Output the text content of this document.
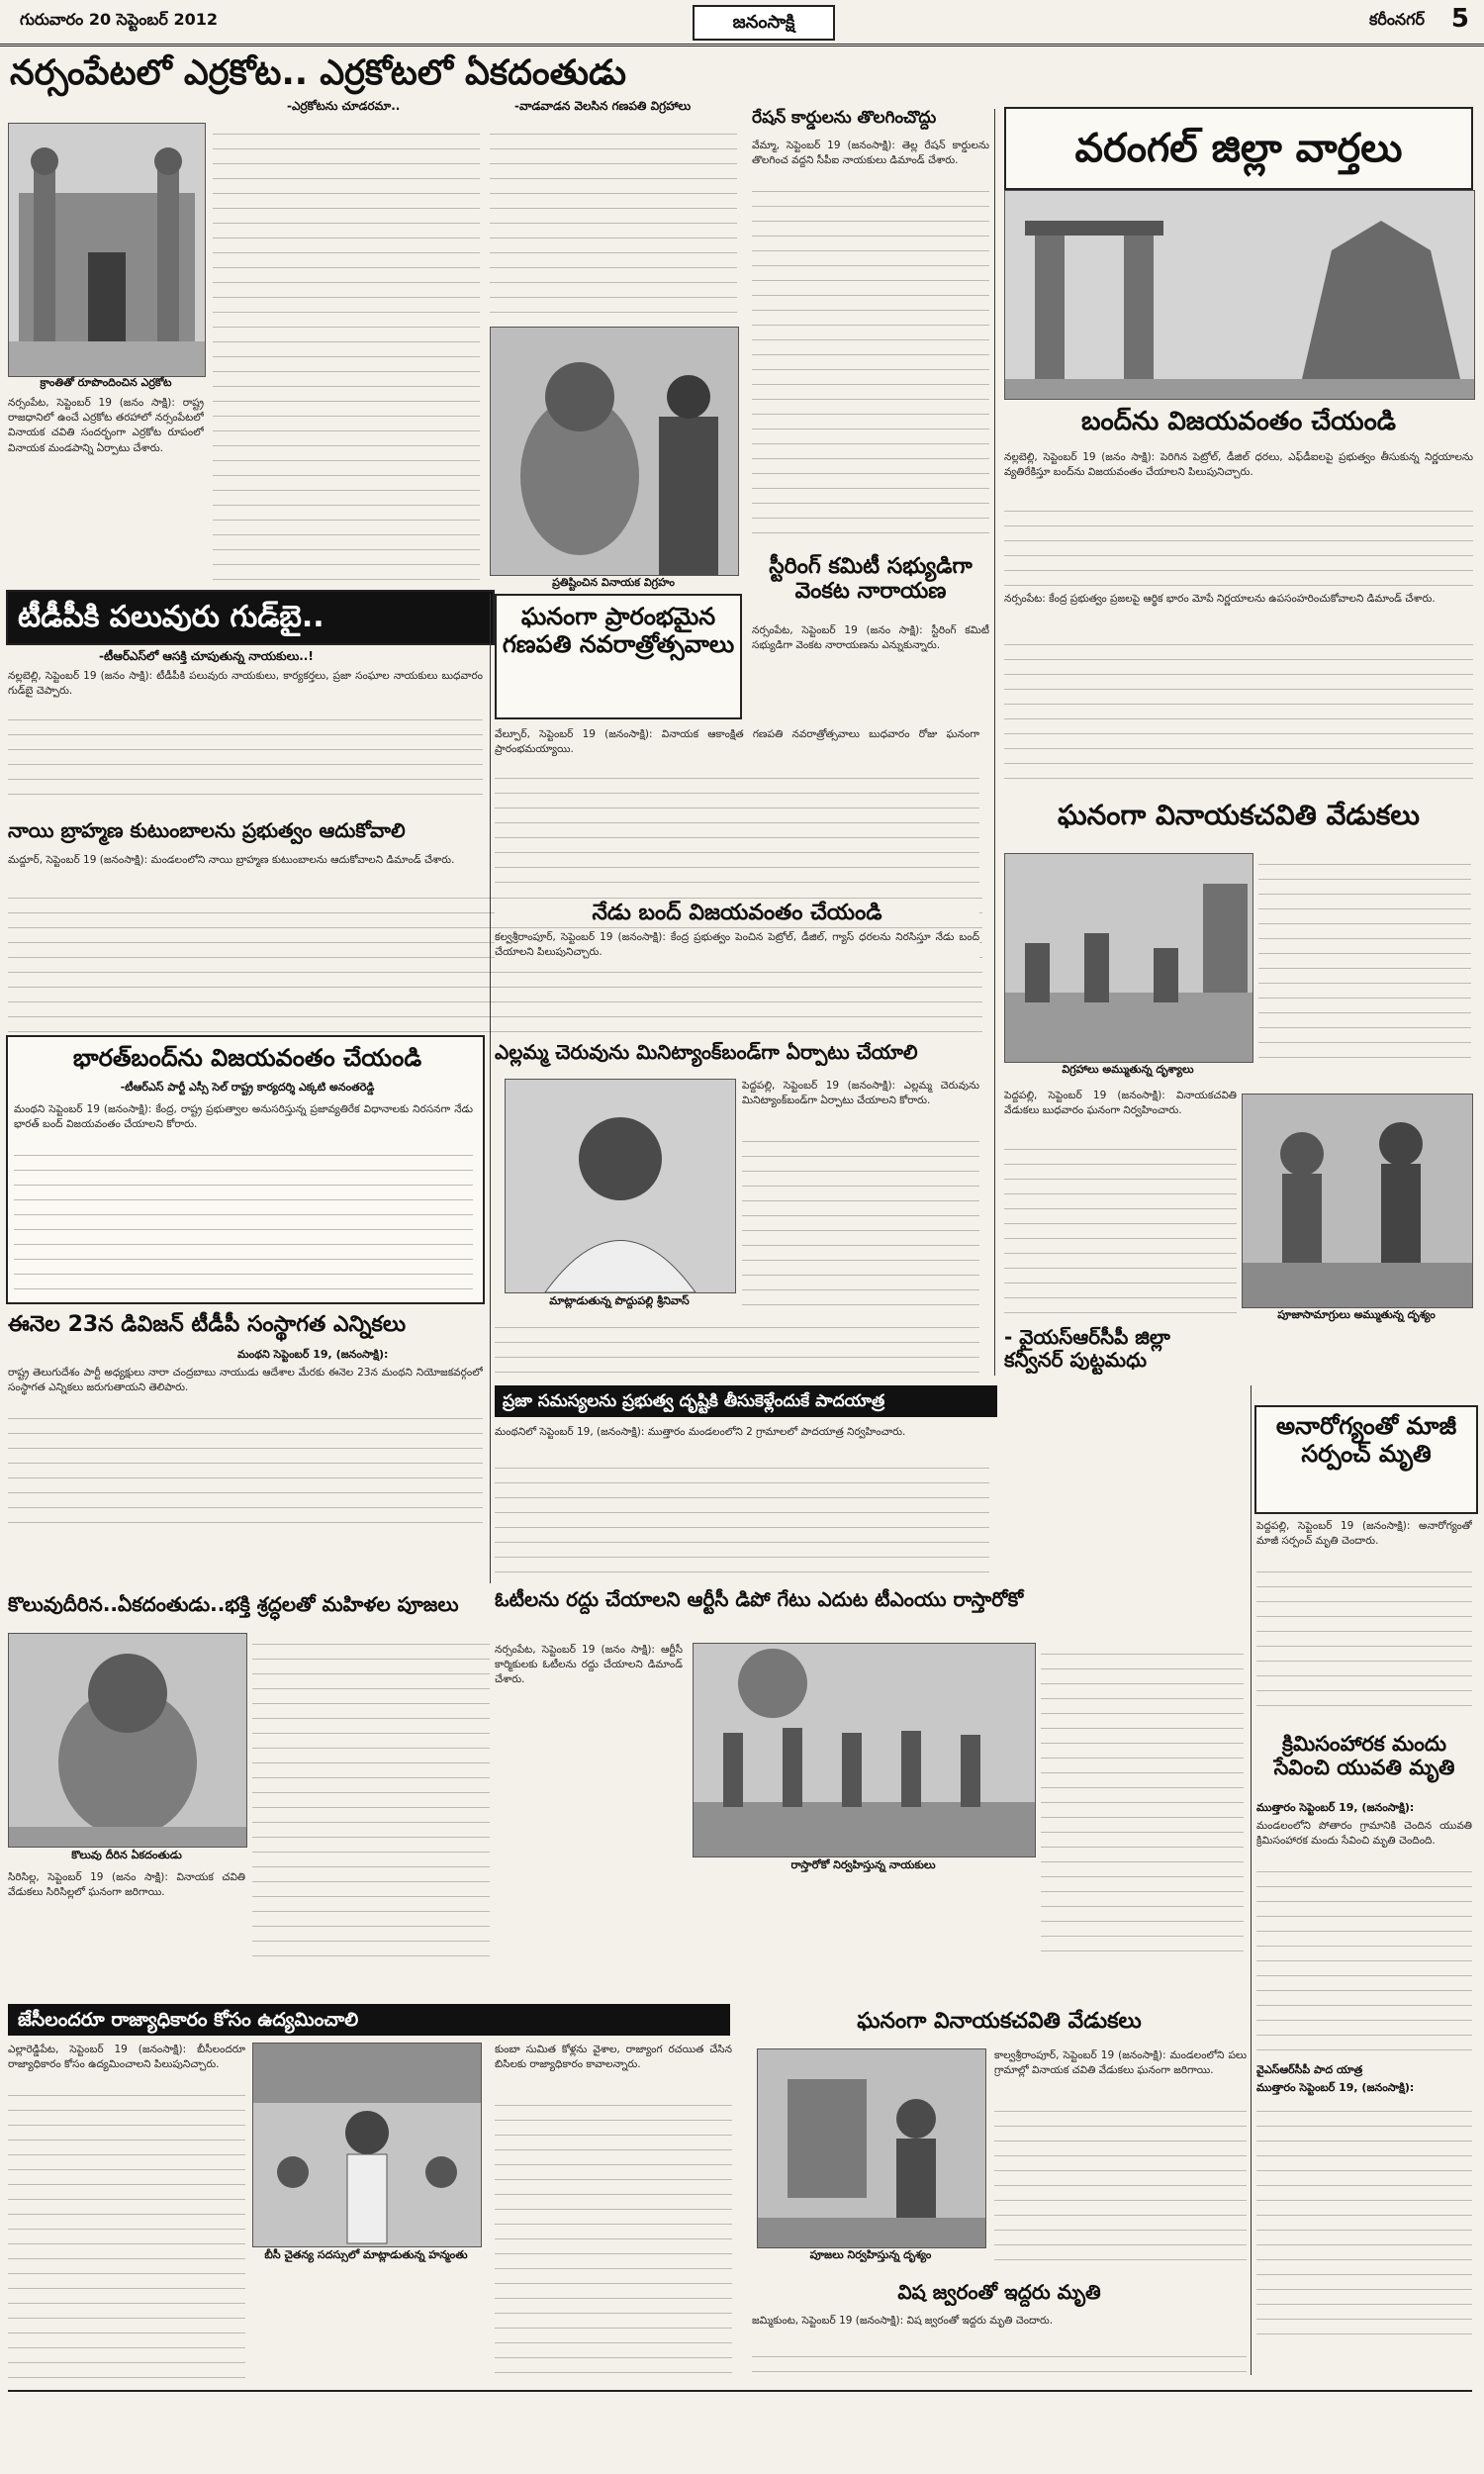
గురువారం 20 సెప్టెంబర్ 2012	జనంసాక్షి	కరీంనగర్ 5
నర్సంపేటలో ఎర్రకోట.. ఎర్రకోటలో ఏకదంతుడు
-ఎర్రకోటను చూడరమా..	-వాడవాడన వెలసిన గణపతి విగ్రహాలు
క్రాంతితో రూపొందించిన ఎర్రకోట
నర్సంపేట, సెప్టెంబర్ 19 (జనం సాక్షి): రాష్ట్ర రాజధానిలో ఉంచే ఎర్రకోట తరహాలో నర్సంపేటలో వినాయక చవితి సందర్భంగా ఎర్రకోట రూపంలో వినాయక మండపాన్ని ఏర్పాటు చేశారు.
ప్రతిష్టించిన వినాయక విగ్రహం
టీడీపీకి పలువురు గుడ్‌బై..
-టీఆర్ఎస్‌లో ఆసక్తి చూపుతున్న నాయకులు..!
నల్లబెల్లి, సెప్టెంబర్ 19 (జనం సాక్షి): టీడీపీకి పలువురు నాయకులు, కార్యకర్తలు, ప్రజా సంఘాల నాయకులు బుధవారం గుడ్‌బై చెప్పారు.
ఘనంగా ప్రారంభమైన గణపతి నవరాత్రోత్సవాలు
వేల్పూర్, సెప్టెంబర్ 19 (జనంసాక్షి): వినాయక ఆకాంక్షిత గణపతి నవరాత్రోత్సవాలు బుధవారం రోజు ఘనంగా ప్రారంభమయ్యాయి.
రేషన్ కార్డులను తొలగించొద్దు
వేమ్మా, సెప్టెంబర్ 19 (జనంసాక్షి): తెల్ల రేషన్ కార్డులను తొలగించ వద్దని సీపీఐ నాయకులు డిమాండ్ చేశారు.
స్టీరింగ్ కమిటీ సభ్యుడిగా వెంకట నారాయణ
నర్సంపేట, సెప్టెంబర్ 19 (జనం సాక్షి): స్టీరింగ్ కమిటీ సభ్యుడిగా వెంకట నారాయణను ఎన్నుకున్నారు.
వరంగల్ జిల్లా వార్తలు
బంద్‌ను విజయవంతం చేయండి
నల్లబెల్లి, సెప్టెంబర్ 19 (జనం సాక్షి): పెరిగిన పెట్రోల్, డీజిల్ ధరలు, ఎఫ్‌డీఐలపై ప్రభుత్వం తీసుకున్న నిర్ణయాలను వ్యతిరేకిస్తూ బంద్‌ను విజయవంతం చేయాలని పిలుపునిచ్చారు.
నర్సంపేట: కేంద్ర ప్రభుత్వం ప్రజలపై ఆర్థిక భారం మోపే నిర్ణయాలను ఉపసంహరించుకోవాలని డిమాండ్ చేశారు.
ఘనంగా వినాయకచవితి వేడుకలు
విగ్రహాలు అమ్ముతున్న దృశ్యాలు
పెద్దపల్లి, సెప్టెంబర్ 19 (జనంసాక్షి): వినాయకచవితి వేడుకలు బుధవారం ఘనంగా నిర్వహించారు.
పూజాసామాగ్రులు అమ్ముతున్న దృశ్యం
నాయి బ్రాహ్మణ కుటుంబాలను ప్రభుత్వం ఆదుకోవాలి
మద్దూర్, సెప్టెంబర్ 19 (జనంసాక్షి): మండలంలోని నాయి బ్రాహ్మణ కుటుంబాలను ఆదుకోవాలని డిమాండ్ చేశారు.
నేడు బంద్ విజయవంతం చేయండి
కల్వశ్రీరాంపూర్, సెప్టెంబర్ 19 (జనంసాక్షి): కేంద్ర ప్రభుత్వం పెంచిన పెట్రోల్, డీజిల్, గ్యాస్ ధరలను నిరసిస్తూ నేడు బంద్ చేయాలని పిలుపునిచ్చారు.
ఎల్లమ్మ చెరువును మినిట్యాంక్‌బండ్‌గా ఏర్పాటు చేయాలి
మాట్లాడుతున్న పొద్దుపల్లి శ్రీనివాస్
పెద్దపల్లి, సెప్టెంబర్ 19 (జనంసాక్షి): ఎల్లమ్మ చెరువును మినిట్యాంక్‌బండ్‌గా ఏర్పాటు చేయాలని కోరారు.
- వైయస్ఆర్‌సీపీ జిల్లా కన్వీనర్ పుట్టమధు
భారత్‌బంద్‌ను విజయవంతం చేయండి
-టీఆర్ఎస్ పార్టీ ఎస్సీ సెల్ రాష్ట్ర కార్యదర్శి ఎక్కటి అనంతరెడ్డి
మంథని సెప్టెంబర్ 19 (జనంసాక్షి): కేంద్ర, రాష్ట్ర ప్రభుత్వాల అనుసరిస్తున్న ప్రజావ్యతిరేక విధానాలకు నిరసనగా నేడు భారత్ బంద్ విజయవంతం చేయాలని కోరారు.
ఈనెల 23న డివిజన్ టీడీపీ సంస్థాగత ఎన్నికలు
మంథని సెప్టెంబర్ 19, (జనంసాక్షి):
రాష్ట్ర తెలుగుదేశం పార్టీ అధ్యక్షులు నారా చంద్రబాబు నాయుడు ఆదేశాల మేరకు ఈనెల 23న మంథని నియోజకవర్గంలో సంస్థాగత ఎన్నికలు జరుగుతాయని తెలిపారు.
ప్రజా సమస్యలను ప్రభుత్వ దృష్టికి తీసుకెళ్లేందుకే పాదయాత్ర
మంథనిలో సెప్టెంబర్ 19, (జనంసాక్షి): ముత్తారం మండలంలోని 2 గ్రామాలలో పాదయాత్ర నిర్వహించారు.	అనారోగ్యంతో మాజీ సర్పంచ్ మృతి
పెద్దపల్లి, సెప్టెంబర్ 19 (జనంసాక్షి): అనారోగ్యంతో మాజీ సర్పంచ్ మృతి చెందారు.
కొలువుదీరిన..ఏకదంతుడు..భక్తి శ్రద్ధలతో మహిళల పూజలు
కొలువు దీరిన ఏకదంతుడు
సిరిసిల్ల, సెప్టెంబర్ 19 (జనం సాక్షి): వినాయక చవితి వేడుకలు సిరిసిల్లలో ఘనంగా జరిగాయి.
ఓటీలను రద్దు చేయాలని ఆర్టీసీ డిపో గేటు ఎదుట టీఎంయు రాస్తారోకో
నర్సంపేట, సెప్టెంబర్ 19 (జనం సాక్షి): ఆర్టీసీ కార్మికులకు ఓటీలను రద్దు చేయాలని డిమాండ్ చేశారు.
రాస్తారోకో నిర్వహిస్తున్న నాయకులు
క్రిమిసంహారక మందు సేవించి యువతి మృతి
ముత్తారం సెప్టెంబర్ 19, (జనంసాక్షి):
మండలంలోని పోతారం గ్రామానికి చెందిన యువతి క్రిమిసంహారక మందు సేవించి మృతి చెందింది.
వైఎస్ఆర్‌సీపీ పాద యాత్ర
ముత్తారం సెప్టెంబర్ 19, (జనంసాక్షి):
జేసీలందరూ రాజ్యాధికారం కోసం ఉద్యమించాలి
ఎల్లారెడ్డిపేట, సెప్టెంబర్ 19 (జనంసాక్షి): బీసీలందరూ రాజ్యాధికారం కోసం ఉద్యమించాలని పిలుపునిచ్చారు.
బీసీ చైతన్య సదస్సులో మాట్లాడుతున్న హన్మంతు
-పద్మ హన్మంతు
కుంబా సుమిత కోళ్లను వైశాల, రాజ్యాంగ రచయిత చేసిన బిసిలకు రాజ్యాధికారం కావాలన్నారు.
ఘనంగా వినాయకచవితి వేడుకలు
పూజలు నిర్వహిస్తున్న దృశ్యం
కాల్వశ్రీరాంపూర్, సెప్టెంబర్ 19 (జనంసాక్షి): మండలంలోని పలు గ్రామాల్లో వినాయక చవితి వేడుకలు ఘనంగా జరిగాయి.
విష జ్వరంతో ఇద్దరు మృతి
జమ్మికుంట, సెప్టెంబర్ 19 (జనంసాక్షి): విష జ్వరంతో ఇద్దరు మృతి చెందారు.
